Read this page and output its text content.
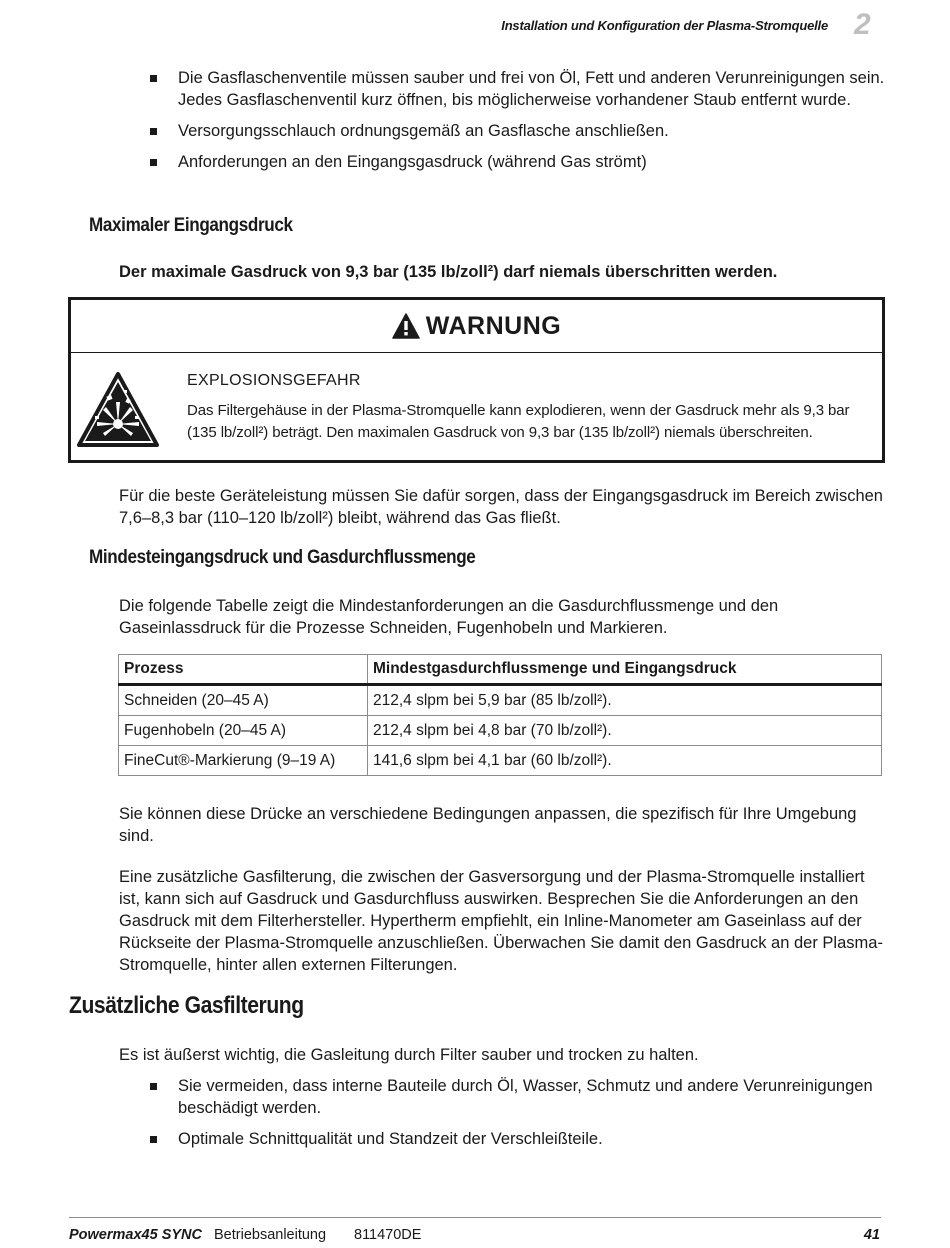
Installation und Konfiguration der Plasma-Stromquelle 2
Die Gasflaschenventile müssen sauber und frei von Öl, Fett und anderen Verunreinigungen sein. Jedes Gasflaschenventil kurz öffnen, bis möglicherweise vorhandener Staub entfernt wurde.
Versorgungsschlauch ordnungsgemäß an Gasflasche anschließen.
Anforderungen an den Eingangsgasdruck (während Gas strömt)
Maximaler Eingangsdruck
Der maximale Gasdruck von 9,3 bar (135 lb/zoll²) darf niemals überschritten werden.
WARNUNG
EXPLOSIONSGEFAHR
Das Filtergehäuse in der Plasma-Stromquelle kann explodieren, wenn der Gasdruck mehr als 9,3 bar (135 lb/zoll²) beträgt. Den maximalen Gasdruck von 9,3 bar (135 lb/zoll²) niemals überschreiten.
Für die beste Geräteleistung müssen Sie dafür sorgen, dass der Eingangsgasdruck im Bereich zwischen 7,6–8,3 bar (110–120 lb/zoll²) bleibt, während das Gas fließt.
Mindesteingangsdruck und Gasdurchflussmenge
Die folgende Tabelle zeigt die Mindestanforderungen an die Gasdurchflussmenge und den Gaseinlassdruck für die Prozesse Schneiden, Fugenhobeln und Markieren.
Prozess	Mindestgasdurchflussmenge und Eingangsdruck
Schneiden (20–45 A)	212,4 slpm bei 5,9 bar (85 lb/zoll²).
Fugenhobeln (20–45 A)	212,4 slpm bei 4,8 bar (70 lb/zoll²).
FineCut®-Markierung (9–19 A)	141,6 slpm bei 4,1 bar (60 lb/zoll²).
Sie können diese Drücke an verschiedene Bedingungen anpassen, die spezifisch für Ihre Umgebung sind.
Eine zusätzliche Gasfilterung, die zwischen der Gasversorgung und der Plasma-Stromquelle installiert ist, kann sich auf Gasdruck und Gasdurchfluss auswirken. Besprechen Sie die Anforderungen an den Gasdruck mit dem Filterhersteller. Hypertherm empfiehlt, ein Inline-Manometer am Gaseinlass auf der Rückseite der Plasma-Stromquelle anzuschließen. Überwachen Sie damit den Gasdruck an der Plasma-Stromquelle, hinter allen externen Filterungen.
Zusätzliche Gasfilterung
Es ist äußerst wichtig, die Gasleitung durch Filter sauber und trocken zu halten.
Sie vermeiden, dass interne Bauteile durch Öl, Wasser, Schmutz und andere Verunreinigungen beschädigt werden.
Optimale Schnittqualität und Standzeit der Verschleißteile.
Powermax45 SYNC Betriebsanleitung 811470DE	41
